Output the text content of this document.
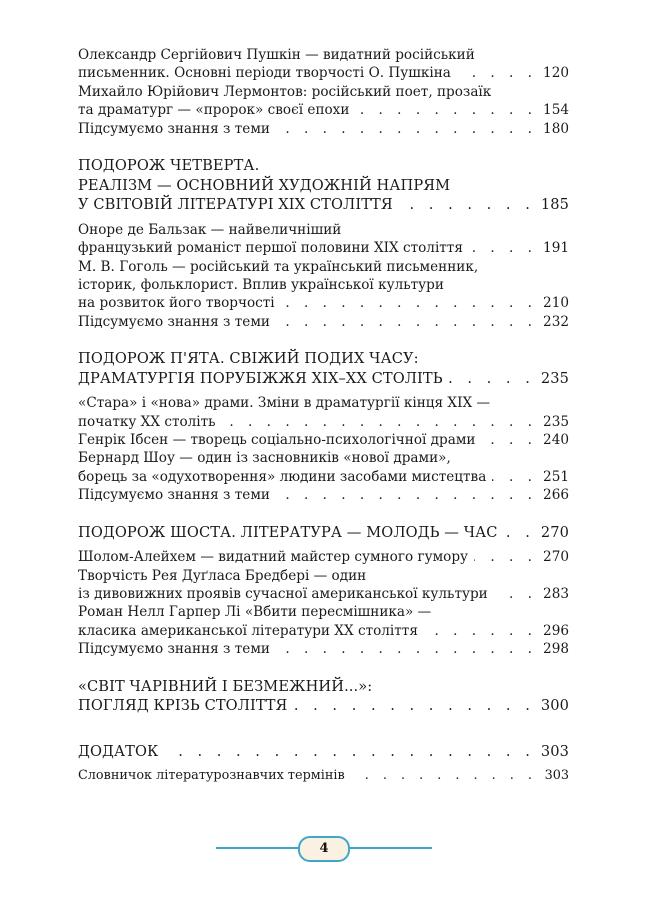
Олександр Сергійович Пушкін — видатний російський
письменник. Основні періоди творчості О. Пушкіна . . .	120
Михайло Юрійович Лермонтов: російський поет, прозаїк
та драматург — «пророк» своєї епохи . . .	154
Підсумуємо знання з теми . . .	180
ПОДОРОЖ ЧЕТВЕРТА.
РЕАЛІЗМ — ОСНОВНИЙ ХУДОЖНІЙ НАПРЯМ
У СВІТОВІЙ ЛІТЕРАТУРІ ХІХ СТОЛІТТЯ . . .	185
Оноре де Бальзак — найвеличніший
французький романіст першої половини ХІХ століття . . .	191
М. В. Гоголь — російський та український письменник,
історик, фольклорист. Вплив української культури
на розвиток його творчості . . .	210
Підсумуємо знання з теми . . .	232
ПОДОРОЖ П'ЯТА. СВІЖИЙ ПОДИХ ЧАСУ:
ДРАМАТУРГІЯ ПОРУБІЖЖЯ ХІХ–ХХ СТОЛІТЬ . . .	235
«Стара» і «нова» драми. Зміни в драматургії кінця ХІХ —
початку ХХ століть . . .	235
Генрік Ібсен — творець соціально-психологічної драми . . .	240
Бернард Шоу — один із засновників «нової драми»,
борець за «одухотворення» людини засобами мистецтва . . .	251
Підсумуємо знання з теми . . .	266
ПОДОРОЖ ШОСТА. ЛІТЕРАТУРА — МОЛОДЬ — ЧАС . . .	270
Шолом-Алейхем — видатний майстер сумного гумору . . .	270
Творчість Рея Дуґласа Бредбері — один
із дивовижних проявів сучасної американської культури . . .	283
Роман Нелл Гарпер Лі «Вбити пересмішника» —
класика американської літератури ХХ століття . . .	296
Підсумуємо знання з теми . . .	298
«СВІТ ЧАРІВНИЙ І БЕЗМЕЖНИЙ...»:
ПОГЛЯД КРІЗЬ СТОЛІТТЯ . . .	300
ДОДАТОК . . .	303
Словничок літературознавчих термінів . . .	303
4
